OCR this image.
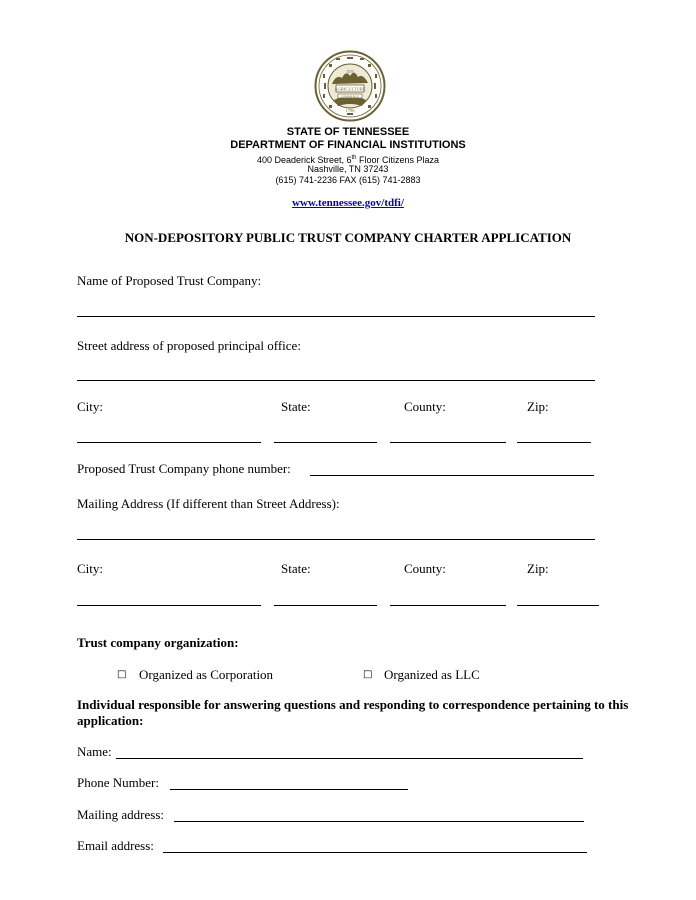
XVI
AGRICULTURE
COMMERCE
1796
STATE OF TENNESSEE
DEPARTMENT OF FINANCIAL INSTITUTIONS
400 Deaderick Street, 6th Floor Citizens Plaza
Nashville, TN 37243
(615) 741-2236 FAX (615) 741-2883
www.tennessee.gov/tdfi/
NON-DEPOSITORY PUBLIC TRUST COMPANY CHARTER APPLICATION
Name of Proposed Trust Company:
Street address of proposed principal office:
City:	State:	County:	Zip:
Proposed Trust Company phone number:
Mailing Address (If different than Street Address):
City:	State:	County:	Zip:
Trust company organization:
□ Organized as Corporation	□ Organized as LLC
Individual responsible for answering questions and responding to correspondence pertaining to this application:
Name:
Phone Number:
Mailing address:
Email address:
